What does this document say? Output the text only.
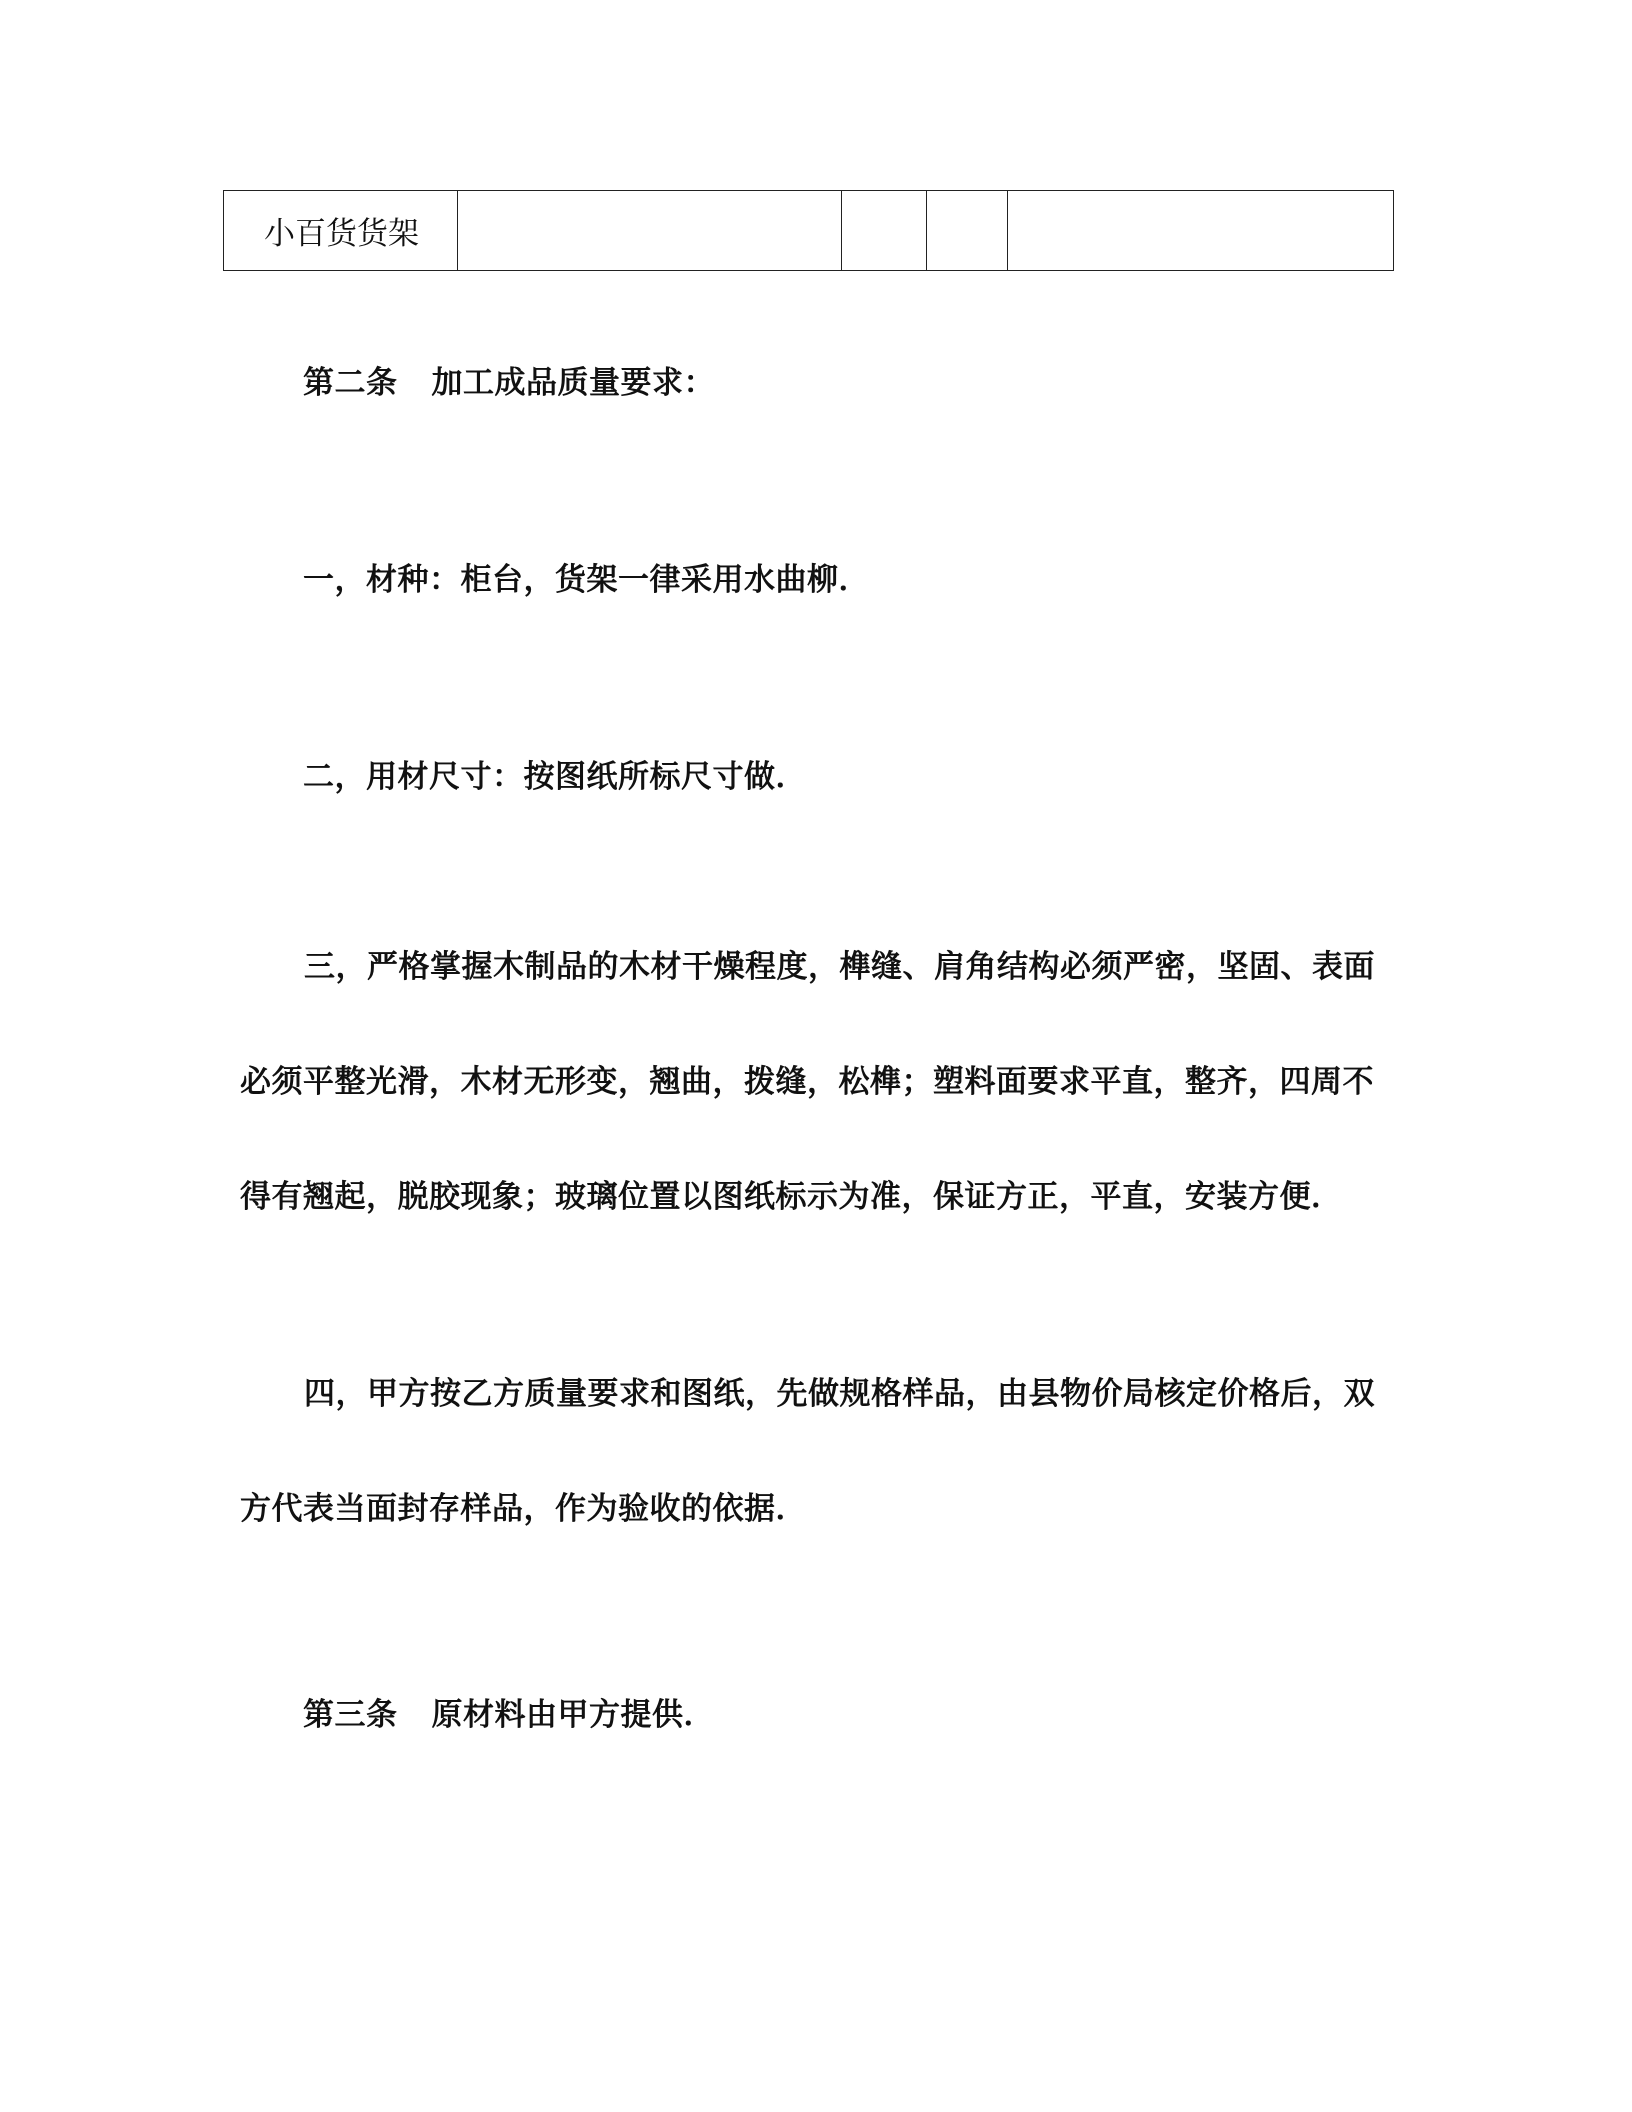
小百货货架				

第二条 加工成品质量要求：

一，材种：柜台，货架一律采用水曲柳．

二，用材尺寸：按图纸所标尺寸做．

三，严格掌握木制品的木材干燥程度，榫缝、肩角结构必须严密，坚固、表面必须平整光滑，木材无形变，翘曲，拨缝，松榫；塑料面要求平直，整齐，四周不得有翘起，脱胶现象；玻璃位置以图纸标示为准，保证方正，平直，安装方便．

四，甲方按乙方质量要求和图纸，先做规格样品，由县物价局核定价格后，双方代表当面封存样品，作为验收的依据．

第三条 原材料由甲方提供．
